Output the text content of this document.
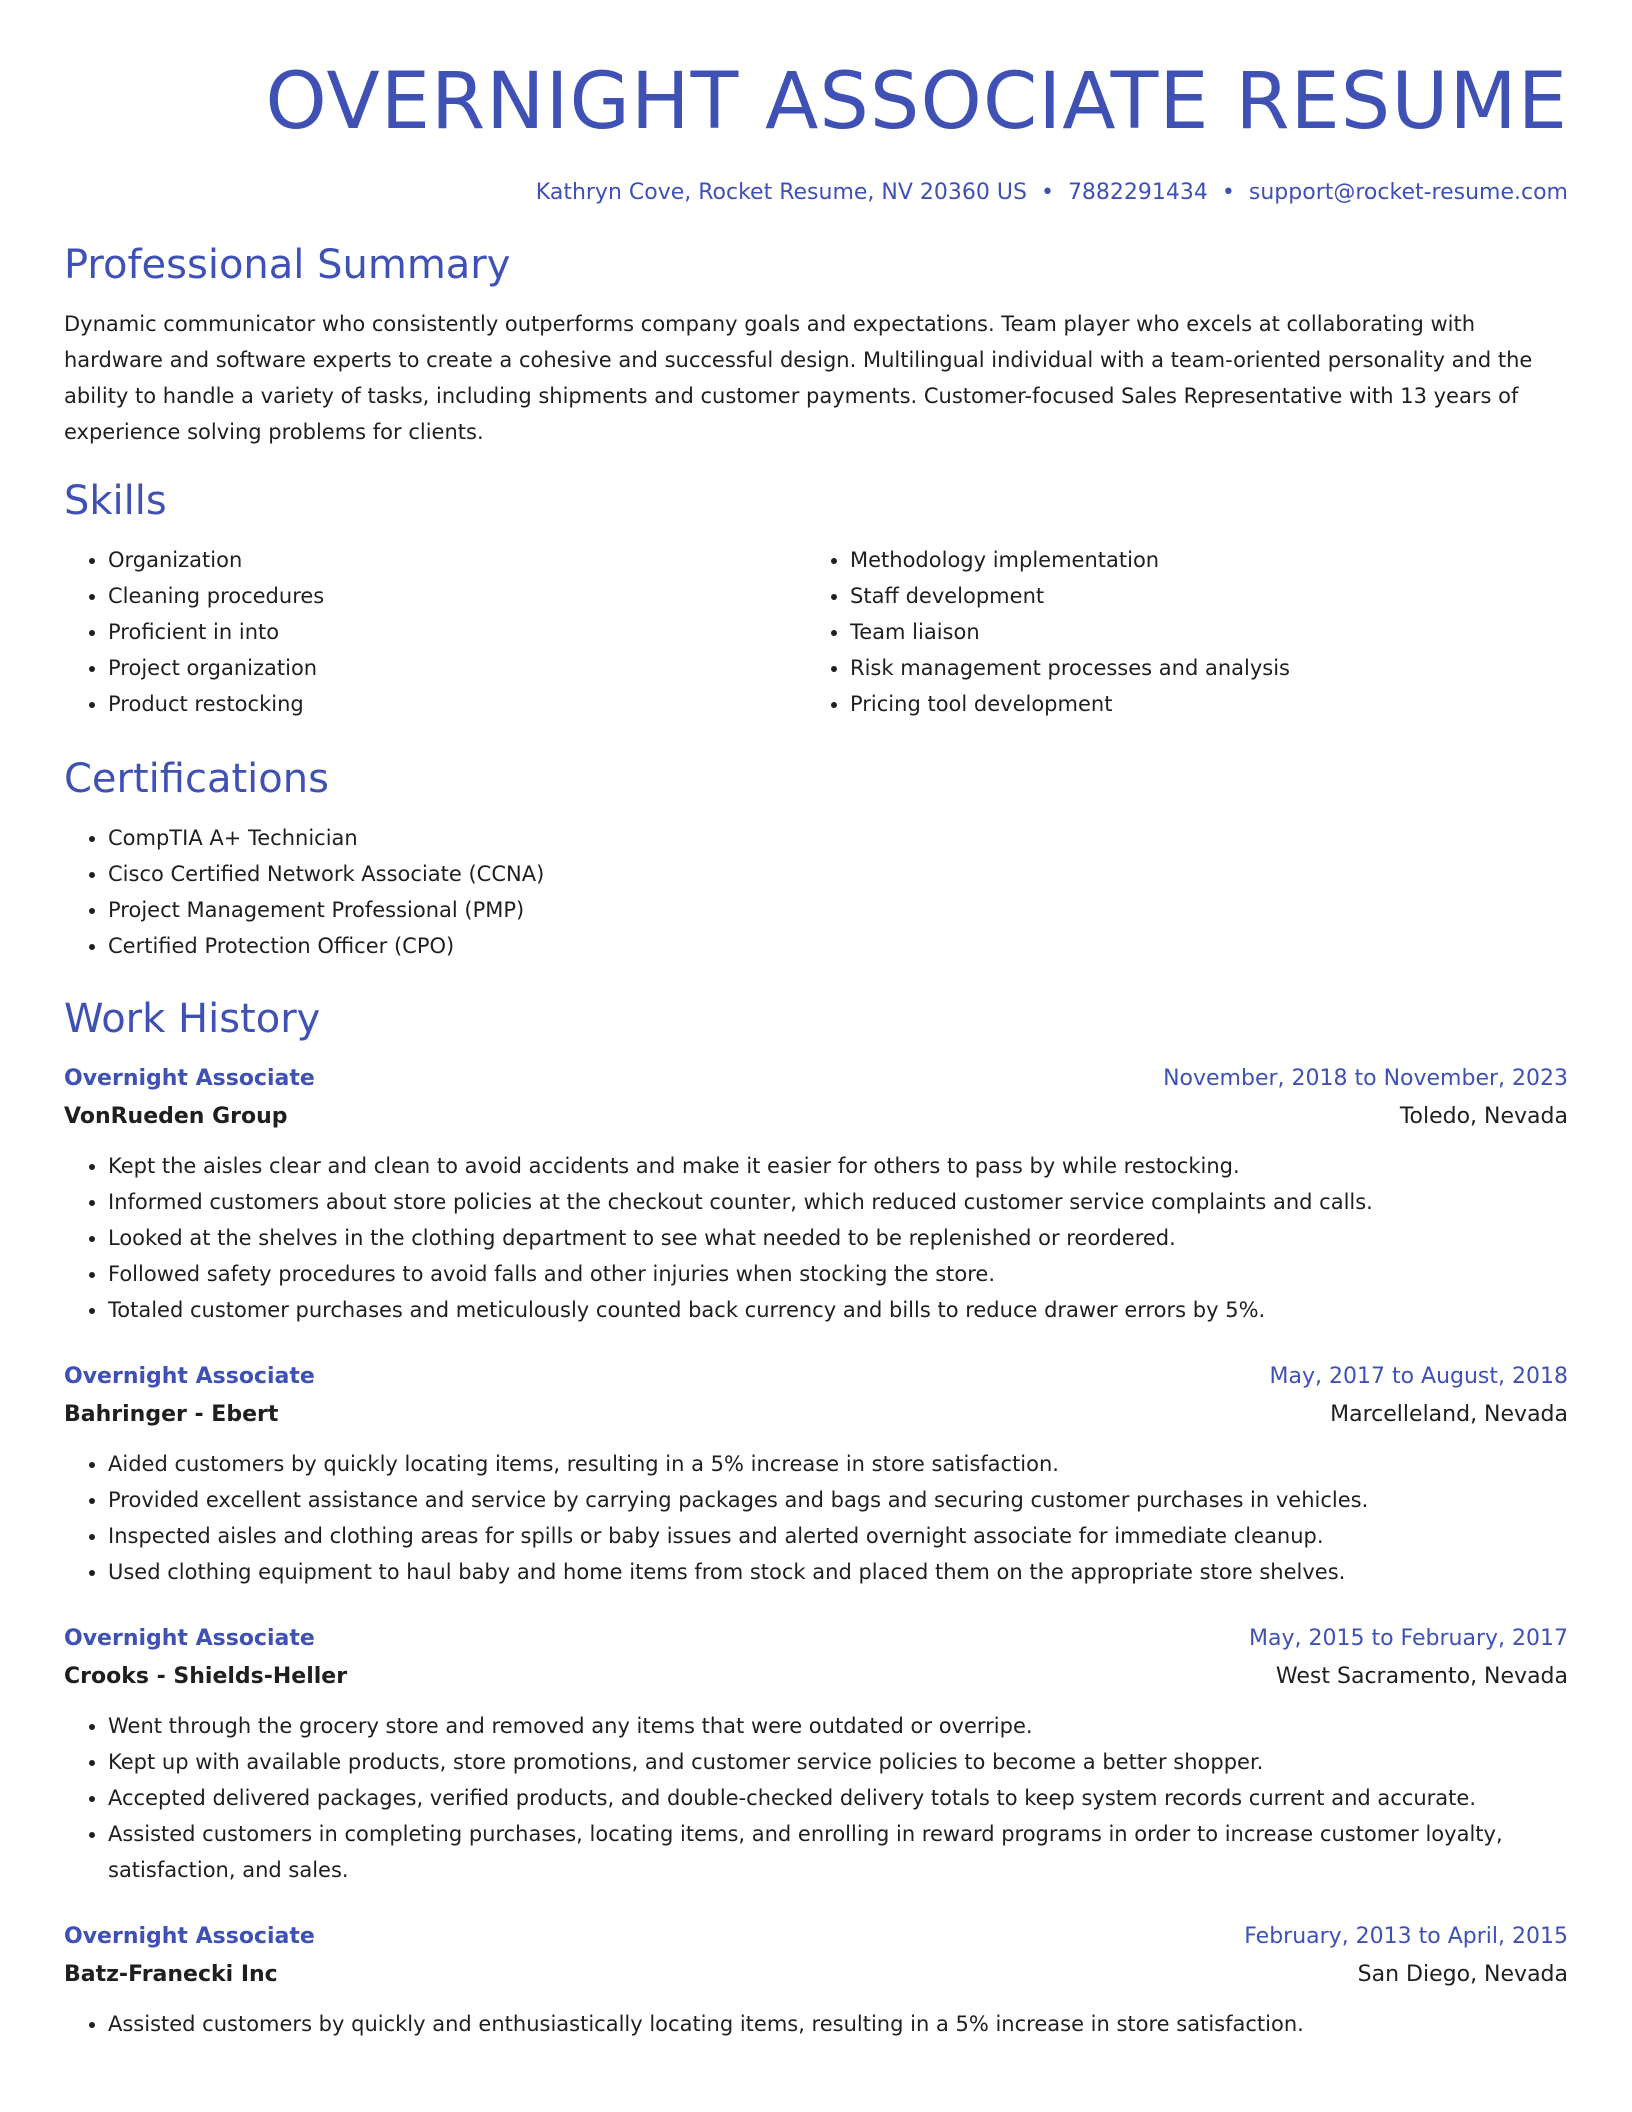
OVERNIGHT ASSOCIATE RESUME
Kathryn Cove, Rocket Resume, NV 20360 US • 7882291434 • support@rocket-resume.com
Professional Summary

Dynamic communicator who consistently outperforms company goals and expectations. Team player who excels at collaborating with hardware and software experts to create a cohesive and successful design. Multilingual individual with a team-oriented personality and the ability to handle a variety of tasks, including shipments and customer payments. Customer-focused Sales Representative with 13 years of experience solving problems for clients.

Skills
• Organization
• Cleaning procedures
• Proficient in into
• Project organization
• Product restocking
• Methodology implementation
• Staff development
• Team liaison
• Risk management processes and analysis
• Pricing tool development
Certifications
• CompTIA A+ Technician
• Cisco Certified Network Associate (CCNA)
• Project Management Professional (PMP)
• Certified Protection Officer (CPO)
Work History
Overnight Associate	November, 2018 to November, 2023
VonRueden Group	Toledo, Nevada
• Kept the aisles clear and clean to avoid accidents and make it easier for others to pass by while restocking.
• Informed customers about store policies at the checkout counter, which reduced customer service complaints and calls.
• Looked at the shelves in the clothing department to see what needed to be replenished or reordered.
• Followed safety procedures to avoid falls and other injuries when stocking the store.
• Totaled customer purchases and meticulously counted back currency and bills to reduce drawer errors by 5%.
Overnight Associate	May, 2017 to August, 2018
Bahringer - Ebert	Marcelleland, Nevada
• Aided customers by quickly locating items, resulting in a 5% increase in store satisfaction.
• Provided excellent assistance and service by carrying packages and bags and securing customer purchases in vehicles.
• Inspected aisles and clothing areas for spills or baby issues and alerted overnight associate for immediate cleanup.
• Used clothing equipment to haul baby and home items from stock and placed them on the appropriate store shelves.
Overnight Associate	May, 2015 to February, 2017
Crooks - Shields-Heller	West Sacramento, Nevada
• Went through the grocery store and removed any items that were outdated or overripe.
• Kept up with available products, store promotions, and customer service policies to become a better shopper.
• Accepted delivered packages, verified products, and double-checked delivery totals to keep system records current and accurate.
• Assisted customers in completing purchases, locating items, and enrolling in reward programs in order to increase customer loyalty, satisfaction, and sales.
Overnight Associate	February, 2013 to April, 2015
Batz-Franecki Inc	San Diego, Nevada
• Assisted customers by quickly and enthusiastically locating items, resulting in a 5% increase in store satisfaction.
